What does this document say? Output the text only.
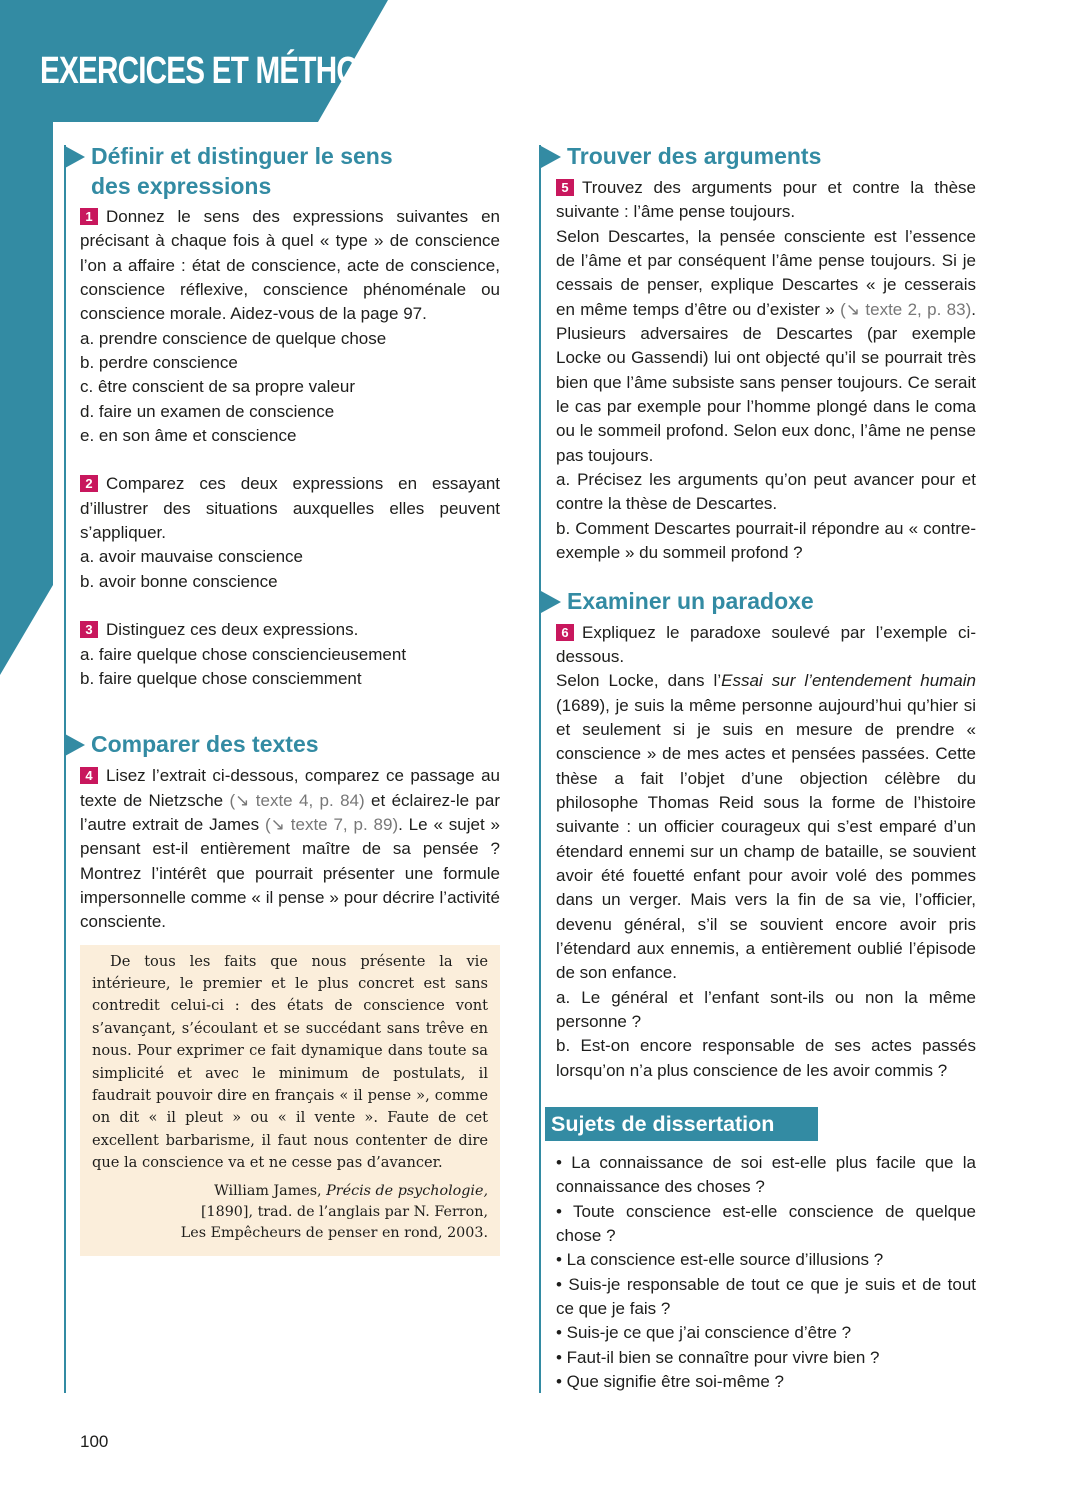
EXERCICES ET MÉTHODES
Définir et distinguer le sens
des expressions
1 Donnez le sens des expressions suivantes en précisant à chaque fois à quel « type » de conscience l’on a affaire : état de conscience, acte de conscience, conscience réflexive, conscience phénoménale ou conscience morale. Aidez-vous de la page 97.
a. prendre conscience de quelque chose
b. perdre conscience
c. être conscient de sa propre valeur
d. faire un examen de conscience
e. en son âme et conscience
2 Comparez ces deux expressions en essayant d’illustrer des situations auxquelles elles peuvent s’appliquer.
a. avoir mauvaise conscience
b. avoir bonne conscience
3 Distinguez ces deux expressions.
a. faire quelque chose consciencieusement
b. faire quelque chose consciemment
Comparer des textes
4 Lisez l’extrait ci-dessous, comparez ce passage au texte de Nietzsche (↘ texte 4, p. 84) et éclairez-le par l’autre extrait de James (↘ texte 7, p. 89). Le « sujet » pensant est-il entièrement maître de sa pensée ? Montrez l’intérêt que pourrait présenter une formule impersonnelle comme « il pense » pour décrire l’activité consciente.
De tous les faits que nous présente la vie intérieure, le premier et le plus concret est sans contredit celui-ci : des états de conscience vont s’avançant, s’écoulant et se succédant sans trêve en nous. Pour exprimer ce fait dynamique dans toute sa simplicité et avec le minimum de postulats, il faudrait pouvoir dire en français « il pense », comme on dit « il pleut » ou « il vente ». Faute de cet excellent barbarisme, il faut nous contenter de dire que la conscience va et ne cesse pas d’avancer.
William James, Précis de psychologie,
[1890], trad. de l’anglais par N. Ferron,
Les Empêcheurs de penser en rond, 2003.
Trouver des arguments
5 Trouvez des arguments pour et contre la thèse suivante : l’âme pense toujours.
Selon Descartes, la pensée consciente est l’essence de l’âme et par conséquent l’âme pense toujours. Si je cessais de penser, explique Descartes « je cesserais en même temps d’être ou d’exister » (↘ texte 2, p. 83). Plusieurs adversaires de Descartes (par exemple Locke ou Gassendi) lui ont objecté qu’il se pourrait très bien que l’âme subsiste sans penser toujours. Ce serait le cas par exemple pour l’homme plongé dans le coma ou le sommeil profond. Selon eux donc, l’âme ne pense pas toujours.
a. Précisez les arguments qu’on peut avancer pour et contre la thèse de Descartes.
b. Comment Descartes pourrait-il répondre au « contre-exemple » du sommeil profond ?
Examiner un paradoxe
6 Expliquez le paradoxe soulevé par l’exemple ci-dessous.
Selon Locke, dans l’Essai sur l’entendement humain (1689), je suis la même personne aujourd’hui qu’hier si et seulement si je suis en mesure de prendre « conscience » de mes actes et pensées passées. Cette thèse a fait l’objet d’une objection célèbre du philosophe Thomas Reid sous la forme de l’histoire suivante : un officier courageux qui s’est emparé d’un étendard ennemi sur un champ de bataille, se souvient avoir été fouetté enfant pour avoir volé des pommes dans un verger. Mais vers la fin de sa vie, l’officier, devenu général, s’il se souvient encore avoir pris l’étendard aux ennemis, a entièrement oublié l’épisode de son enfance.
a. Le général et l’enfant sont-ils ou non la même personne ?
b. Est-on encore responsable de ses actes passés lorsqu’on n’a plus conscience de les avoir commis ?
Sujets de dissertation
• La connaissance de soi est-elle plus facile que la connaissance des choses ?
• Toute conscience est-elle conscience de quelque chose ?
• La conscience est-elle source d’illusions ?
• Suis-je responsable de tout ce que je suis et de tout ce que je fais ?
• Suis-je ce que j’ai conscience d’être ?
• Faut-il bien se connaître pour vivre bien ?
• Que signifie être soi-même ?
100
